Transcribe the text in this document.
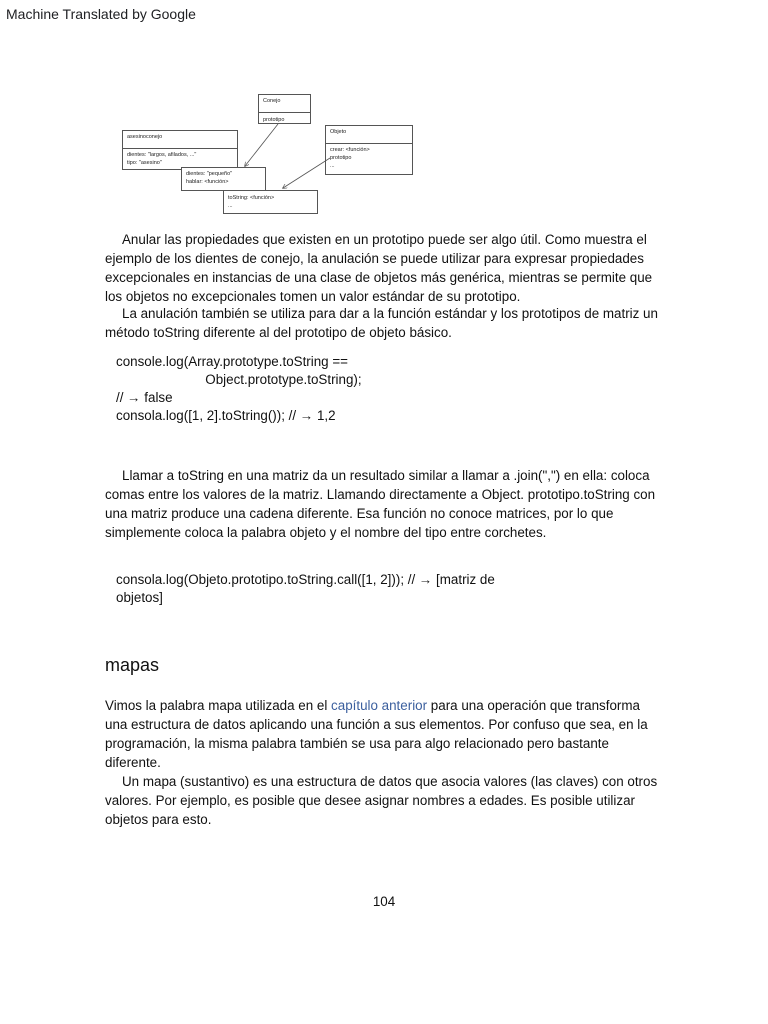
Machine Translated by Google
Conejo
prototipo
Objeto
crear: <función>
prototipo
...
asesinoconejo
dientes: "largos, afilados, ..."
tipo: "asesino"
dientes: "pequeño"
hablar: <función>
toString: <función>
...

Anular las propiedades que existen en un prototipo puede ser algo útil. Como muestra el ejemplo de los dientes de conejo, la anulación se puede utilizar para expresar propiedades excepcionales en instancias de una clase de objetos más genérica, mientras se permite que los objetos no excepcionales tomen un valor estándar de su prototipo.

La anulación también se utiliza para dar a la función estándar y los prototipos de matriz un método toString diferente al del prototipo de objeto básico.

console.log(Array.prototype.toString ==
Object.prototype.toString);
// → false
consola.log([1, 2].toString()); // → 1,2

Llamar a toString en una matriz da un resultado similar a llamar a .join(",") en ella: coloca comas entre los valores de la matriz. Llamando directamente a Object. prototipo.toString con una matriz produce una cadena diferente. Esa función no conoce matrices, por lo que simplemente coloca la palabra objeto y el nombre del tipo entre corchetes.

consola.log(Objeto.prototipo.toString.call([1, 2])); // → [matriz de
objetos]
mapas

Vimos la palabra mapa utilizada en el capítulo anterior para una operación que transforma una estructura de datos aplicando una función a sus elementos. Por confuso que sea, en la programación, la misma palabra también se usa para algo relacionado pero bastante diferente.

Un mapa (sustantivo) es una estructura de datos que asocia valores (las claves) con otros valores. Por ejemplo, es posible que desee asignar nombres a edades. Es posible utilizar objetos para esto.

104
